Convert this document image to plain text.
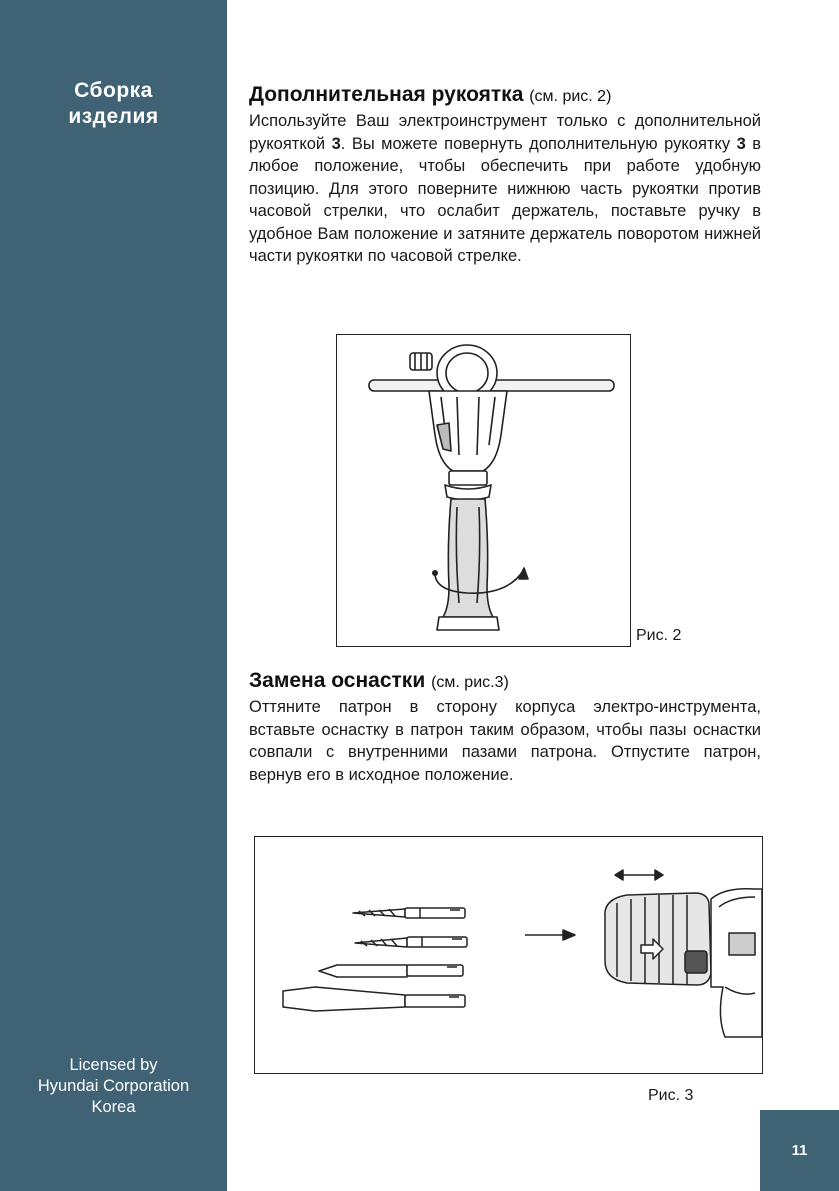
Сборка
изделия
Licensed by
Hyundai Corporation
Korea
11
Дополнительная рукоятка (см. рис. 2)

Используйте Ваш электроинструмент только с дополнительной рукояткой 3. Вы можете повернуть дополнительную рукоятку 3 в любое положение, чтобы обеспечить при работе удобную позицию. Для этого поверните нижнюю часть рукоятки против часовой стрелки, что ослабит держатель, поставьте ручку в удобное Вам положение и затяните держатель поворотом нижней части рукоятки по часовой стрелке.

Рис. 2
Замена оснастки (см. рис.3)

Оттяните патрон в сторону корпуса электро-инструмента, вставьте оснастку в патрон таким образом, чтобы пазы оснастки совпали с внутренними пазами патрона. Отпустите патрон, вернув его в исходное положение.

Рис. 3
